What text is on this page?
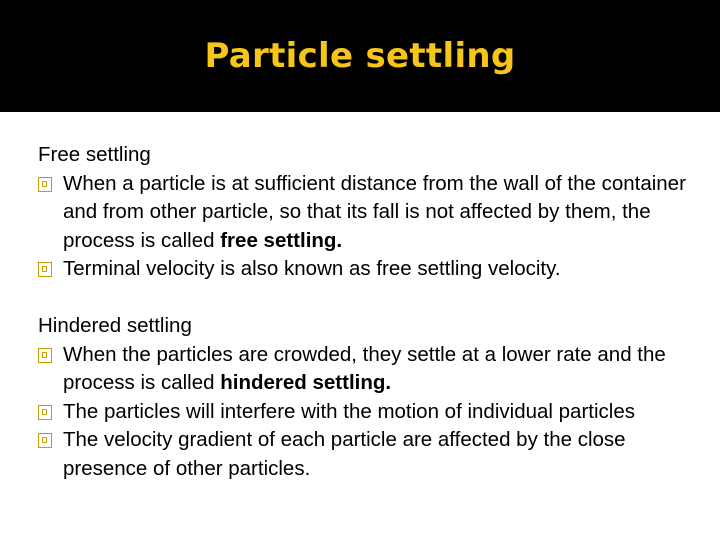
Particle settling
Free settling
When a particle is at sufficient distance from the wall of the container and from other particle, so that its fall is not affected by them, the process is called free settling.
Terminal velocity is also known as free settling velocity.
Hindered settling
When the particles are crowded, they settle at a lower rate and the process is called hindered settling.
The particles will interfere with the motion of individual particles
The velocity gradient of each particle are affected by the close presence of other particles.
